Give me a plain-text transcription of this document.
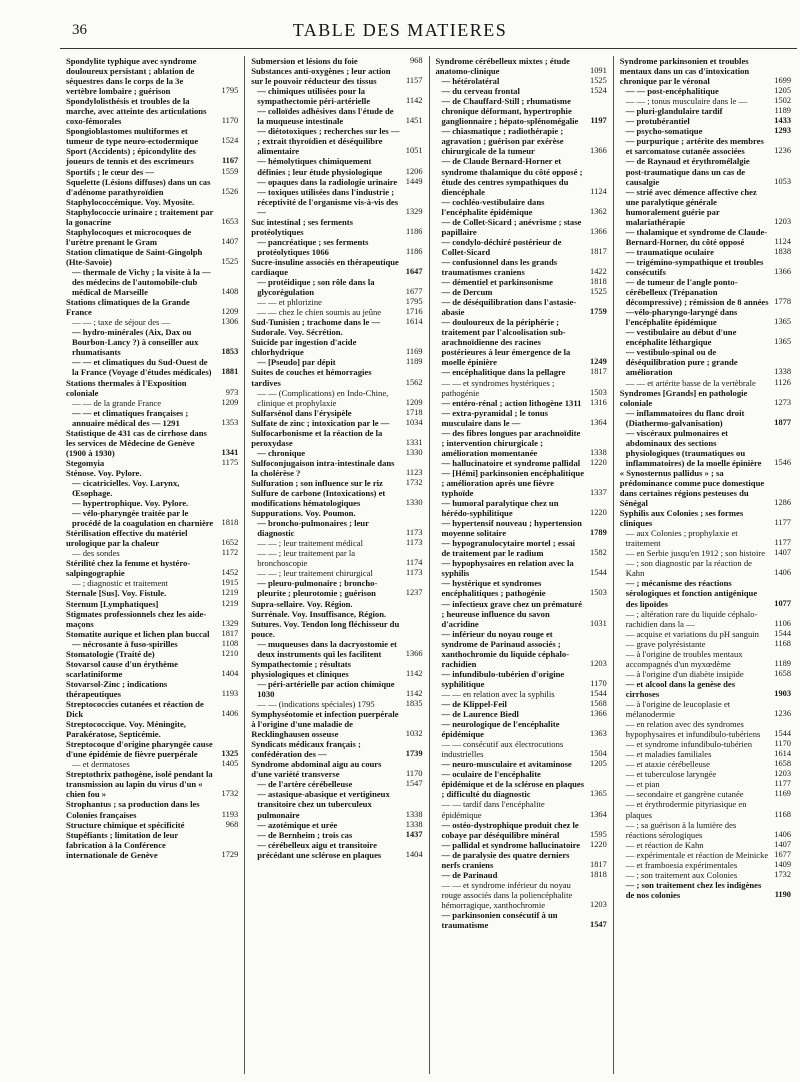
36	TABLE DES MATIERES
Spondylite typhique avec syndrome douloureux persistant ; ablation de séquestres dans le corps de la 3e vertèbre lombaire ; guérison	1795
Spondylolisthésis et troubles de la marche, avec atteinte des articulations coxo-fémorales	1170
Spongioblastomes multiformes et tumeur de type neuro-ectodermique	1524
Sport (Accidents) ; épicondylite des joueurs de tennis et des escrimeurs	1167
Sportifs ; le cœur des —	1559
Squelette (Lésions diffuses) dans un cas d'adénome parathyroïdien	1526
Staphylococcémique. Voy. Myosite.
Staphylococcie urinaire ; traitement par la gonacrine	1653
Staphylocoques et microcoques de l'urètre prenant le Gram	1407
Station climatique de Saint-Gingolph (Hte-Savoie)	1525
— thermale de Vichy ; la visite à la — des médecins de l'automobile-club médical de Marseille	1408
Stations climatiques de la Grande France	1209
— — ; taxe de séjour des —	1306
— hydro-minérales (Aix, Dax ou Bourbon-Lancy ?) à conseiller aux rhumatisants	1853
— — et climatiques du Sud-Ouest de la France (Voyage d'études médicales)	1881
Stations thermales à l'Exposition coloniale	973
— — de la grande France	1209
— — et climatiques françaises ; annuaire médical des — 1291	1353
Statistique de 431 cas de cirrhose dans les services de Médecine de Genève (1900 à 1930)	1341
Stegomyia	1175
Sténose. Voy. Pylore.
— cicatricielles. Voy. Larynx, Œsophage.
— hypertrophique. Voy. Pylore.
— vélo-pharyngée traitée par le procédé de la coagulation en charnière 1818
Stérilisation effective du matériel urologique par la chaleur	1652
— des sondes	1172
Stérilité chez la femme et hystéro-salpingographie	1452
— ; diagnostic et traitement	1915
Sternale [Sus]. Voy. Fistule.	1219
Sternum [Lymphatiques]	1219
Stigmates professionnels chez les aide-maçons	1329
Stomatite aurique et lichen plan buccal	1817
— nécrosante à fuso-spirilles	1108
Stomatologie (Traité de)	1210
Stovarsol cause d'un érythème scarlatiniforme	1404
Stovarsol-Zinc ; indications thérapeutiques	1193
Streptococcies cutanées et réaction de Dick	1406
Streptococcique. Voy. Méningite, Parakératose, Septicémie.
Streptocoque d'origine pharyngée cause d'une épidémie de fièvre puerpérale	1325
— et dermatoses	1405
Streptothrix pathogène, isolé pendant la transmission au lapin du virus d'un « chien fou »	1732
Strophantus ; sa production dans les Colonies françaises	1193
Structure chimique et spécificité	968
Stupéfiants ; limitation de leur fabrication à la Conférence internationale de Genève	1729
Submersion et lésions du foie	968
Substances anti-oxygènes ; leur action sur le pouvoir réducteur des tissus	1157
— chimiques utilisées pour la sympathectomie péri-artérielle	1142
— colloïdes adhésives dans l'étude de la muqueuse intestinale	1451
— diétotoxiques ; recherches sur les — ; extrait thyroïdien et déséquilibre alimentaire	1051
— hémolytiques chimiquement définies ; leur étude physiologique	1206
— opaques dans la radiologie urinaire	1449
— toxiques utilisées dans l'industrie ; réceptivité de l'organisme vis-à-vis des —	1329
Suc intestinal ; ses ferments protéolytiques	1186
— pancréatique ; ses ferments protéolytiques 1066	1186
Sucre-insuline associés en thérapeutique cardiaque	1647
— protéidique ; son rôle dans la glycorégulation	1677
— — et phlorizine	1795
— — chez le chien soumis au jeûne	1716
Sud-Tunisien ; trachome dans le —	1614
Sudorale. Voy. Sécrétion.
Suicide par ingestion d'acide chlorhydrique	1169
— [Pseudo] par dépit	1189
Suites de couches et hémorragies tardives	1562
— — (Complications) en Indo-Chine, clinique et prophylaxie	1209
Sulfarsénol dans l'érysipèle	1718
Sulfate de zinc ; intoxication par le —	1034
Sulfocarbonisme et la réaction de la peroxydase	1331
— chronique	1330
Sulfoconjugaison intra-intestinale dans la cholérèse ?	1123
Sulfuration ; son influence sur le riz	1732
Sulfure de carbone (Intoxications) et modifications hématologiques	1330
Suppurations. Voy. Poumon.
— broncho-pulmonaires ; leur diagnostic	1173
— — ; leur traitement médical	1173
— — ; leur traitement par la bronchoscopie	1174
— — ; leur traitement chirurgical	1173
— pleuro-pulmonaire ; broncho-pleurite ; pleurotomie ; guérison	1237
Supra-sellaire. Voy. Région.
Surrénale. Voy. Insuffisance, Région.
Sutures. Voy. Tendon long fléchisseur du pouce.
— muqueuses dans la dacryostomie et deux instruments qui les facilitent	1366
Sympathectomie ; résultats physiologiques et cliniques	1142
— péri-artérielle par action chimique 1030	1142
— — (indications spéciales) 1795	1835
Symphyséotomie et infection puerpérale à l'origine d'une maladie de Recklinghausen osseuse	1032
Syndicats médicaux français ; confédération des —	1739
Syndrome abdominal aigu au cours d'une variété transverse	1170
— de l'artère cérébelleuse	1547
— astasique-abasique et vertigineux transitoire chez un tuberculeux pulmonaire	1338
— azotémique et urée	1338
— de Bernheim ; trois cas	1437
— cérébelleux aigu et transitoire précédant une sclérose en plaques	1404
Syndrome cérébelleux mixtes ; étude anatomo-clinique	1091
— hétérolatéral	1525
— du cerveau frontal	1524
— de Chauffard-Still ; rhumatisme chronique déformant, hypertrophie ganglionnaire ; hépato-splénomégalie	1197
— chiasmatique ; radiothérapie ; agravation ; guérison par exérèse chirurgicale de la tumeur	1366
— de Claude Bernard-Horner et syndrome thalamique du côté opposé ; étude des centres sympathiques du diencéphale	1124
— cochléo-vestibulaire dans l'encéphalite épidémique	1362
— de Collet-Sicard ; anévrisme ; stase papillaire	1366
— condylo-déchiré postérieur de Collet-Sicard	1817
— confusionnel dans les grands traumatismes craniens	1422
— démentiel et parkinsonisme	1818
— de Dercum	1525
— de déséquilibration dans l'astasie-abasie	1759
— douloureux de la périphérie ; traitement par l'alcoolisation sub-arachnoïdienne des racines postérieures à leur émergence de la moelle épinière	1249
— encéphalitique dans la pellagre	1817
— — et syndromes hystériques ; pathogénie	1503
— entéro-rénal ; action lithogène 1311	1316
— extra-pyramidal ; le tonus musculaire dans le —	1364
— des fibres longues par arachnoïdite ; intervention chirurgicale ; amélioration momentanée	1338
— hallucinatoire et syndrome pallidal	1220
— [Hémi] parkinsonien encéphalitique ; amélioration après une fièvre typhoïde	1337
— humoral paralytique chez un hérédo-syphilitique	1220
— hypertensif nouveau ; hypertension moyenne solitaire	1789
— hypogranulocytaire mortel ; essai de traitement par le radium	1582
— hypophysaires en relation avec la syphilis	1544
— hystérique et syndromes encéphalitiques ; pathogénie	1503
— infectieux grave chez un prématuré ; heureuse influence du savon d'acridine	1031
— inférieur du noyau rouge et syndrome de Parinaud associés ; xanthochromie du liquide céphalo-rachidien	1203
— infundibulo-tubérien d'origine syphilitique	1170
— — en relation avec la syphilis	1544
— de Klippel-Feil	1568
— de Laurence Biedl	1366
— neurologique de l'encéphalite épidémique	1363
— — consécutif aux électrocutions industrielles	1504
— neuro-musculaire et avitaminose	1205
— oculaire de l'encéphalite épidémique et de la sclérose en plaques ; difficulté du diagnostic	1365
— — tardif dans l'encéphalite épidémique	1364
— ostéo-dystrophique produit chez le cobaye par déséquilibre minéral	1595
— pallidal et syndrome hallucinatoire	1220
— de paralysie des quatre derniers nerfs craniens	1817
— de Parinaud	1818
— — et syndrome inférieur du noyau rouge associés dans la poliencéphalite hémorragique, xanthochromie	1203
— parkinsonien consécutif à un traumatisme	1547
Syndrome parkinsonien et troubles mentaux dans un cas d'intoxication chronique par le véronal	1699
— — post-encéphalitique	1205
— — ; tonus musculaire dans le —	1502
— pluri-glandulaire tardif	1189
— protubérantiel	1433
— psycho-somatique	1293
— purpurique ; artérite des membres et sarcomatose cutanée associées	1236
— de Raynaud et érythromélalgie post-traumatique dans un cas de causalgie	1053
— strié avec démence affective chez une paralytique générale humoralement guérie par malariathérapie	1203
— thalamique et syndrome de Claude-Bernard-Horner, du côté opposé	1124
— traumatique oculaire	1838
— trigémino-sympathique et troubles consécutifs	1366
— de tumeur de l'angle ponto-cérébelleux (Trépanation décompressive) ; rémission de 8 années 1778
—vélo-pharyngo-laryngé dans l'encéphalite épidémique	1365
— vestibulaire au début d'une encéphalite léthargique	1365
— vestibulo-spinal ou de déséquilibration pure ; grande amélioration	1338
— — et artérite basse de la vertèbrale	1126
Syndromes [Grands] en pathologie coloniale	1273
— inflammatoires du flanc droit (Diathermo-galvanisation)	1877
— viscéraux pulmonaires et abdominaux des sections physiologiques (traumatiques ou inflammatoires) de la moelle épinière	1546
« Synosternus pallidus » ; sa prédominance comme puce domestique dans certaines régions pesteuses du Sénégal	1286
Syphilis aux Colonies ; ses formes cliniques	1177
— aux Colonies ; prophylaxie et traitement	1177
— en Serbie jusqu'en 1912 ; son histoire	1407
— ; son diagnostic par la réaction de Kahn	1406
— ; mécanisme des réactions sérologiques et fonction antigénique des lipoïdes	1077
— ; altération rare du liquide céphalo-rachidien dans la —	1106
— acquise et variations du pH sanguin	1544
— grave polyrésistante	1168
— à l'origine de troubles mentaux accompagnés d'un myxœdème	1189
— à l'origine d'un diabète insipide	1658
— et alcool dans la genèse des cirrhoses	1903
— à l'origine de leucoplasie et mélanodermie	1236
— en relation avec des syndromes hypophysaires et infundibulo-tubériens	1544
— et syndrome infundibulo-tubérien	1170
— et maladies familiales	1614
— et ataxie cérébelleuse	1658
— et tuberculose laryngée	1203
— et pian	1177
— secondaire et gangrène cutanée	1169
— et érythrodermie pityriasique en plaques	1168
— ; sa guérison à la lumière des réactions sérologiques	1406
— et réaction de Kahn	1407
— expérimentale et réaction de Meinicke 1677
— et framboesia expérimentales	1409
— ; son traitement aux Colonies	1732
— ; son traitement chez les indigènes de nos colonies	1190
